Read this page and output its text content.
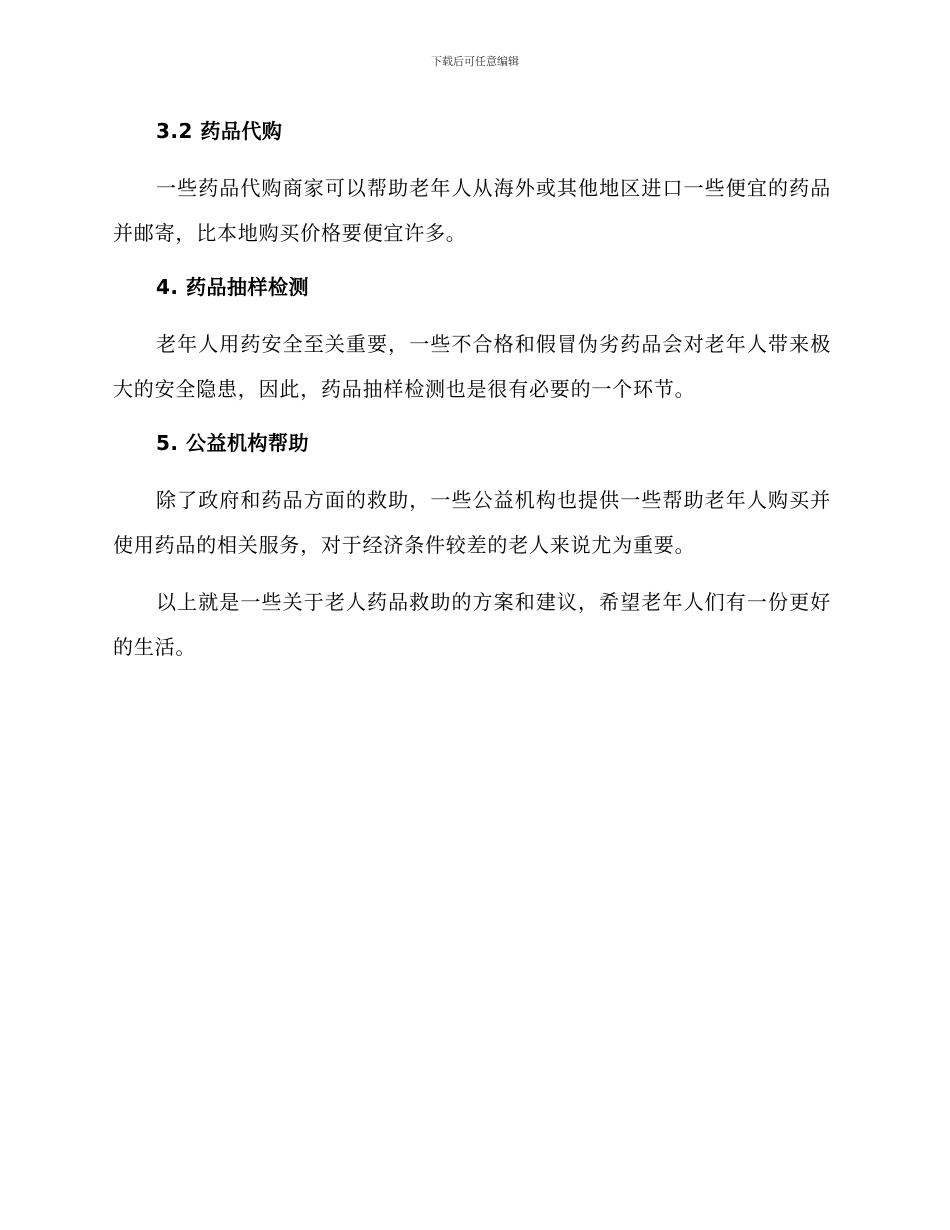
下载后可任意编辑
3.2 药品代购

一些药品代购商家可以帮助老年人从海外或其他地区进口一些便宜的药品并邮寄，比本地购买价格要便宜许多。

4. 药品抽样检测

老年人用药安全至关重要，一些不合格和假冒伪劣药品会对老年人带来极大的安全隐患，因此，药品抽样检测也是很有必要的一个环节。

5. 公益机构帮助

除了政府和药品方面的救助，一些公益机构也提供一些帮助老年人购买并使用药品的相关服务，对于经济条件较差的老人来说尤为重要。

以上就是一些关于老人药品救助的方案和建议，希望老年人们有一份更好的生活。
